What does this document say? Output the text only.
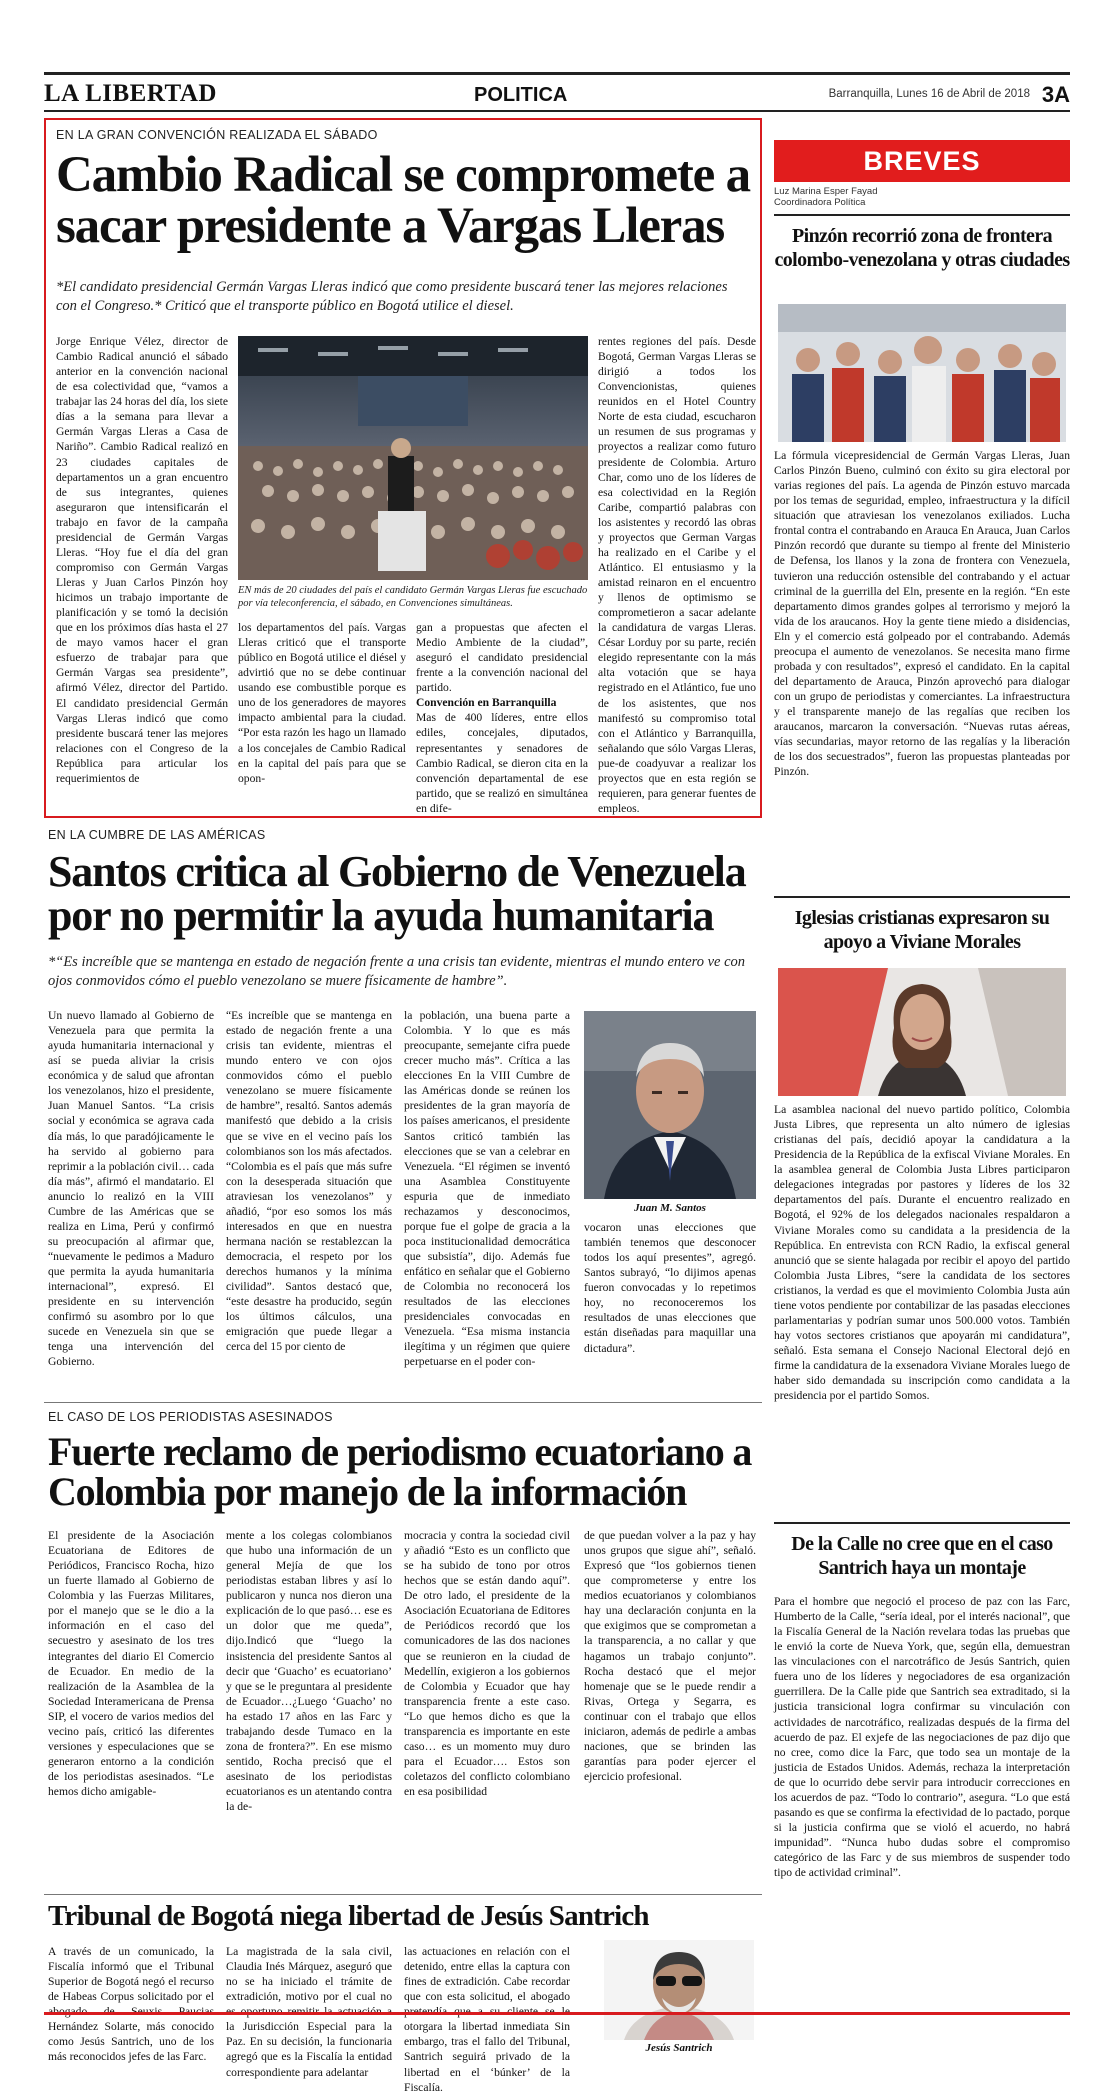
LA LIBERTAD	POLITICA	Barranquilla, Lunes 16 de Abril de 2018 3A
EN LA GRAN CONVENCIÓN REALIZADA EL SÁBADO
Cambio Radical se compromete a sacar presidente a Vargas Lleras
*El candidato presidencial Germán Vargas Lleras indicó que como presidente buscará tener las mejores relaciones con el Congreso.* Criticó que el transporte público en Bogotá utilice el diesel.
Jorge Enrique Vélez, director de Cambio Radical anunció el sábado anterior en la convención nacional de esa colectividad que, “vamos a trabajar las 24 horas del día, los siete días a la semana para llevar a Germán Vargas Lleras a Casa de Nariño”. Cambio Radical realizó en 23 ciudades capitales de departamentos un a gran encuentro de sus integrantes, quienes aseguraron que intensificarán el trabajo en favor de la campaña presidencial de Germán Vargas Lleras. “Hoy fue el día del gran compromiso con Germán Vargas Lleras y Juan Carlos Pinzón hoy hicimos un trabajo importante de planificación y se tomó la decisión que en los próximos días hasta el 27 de mayo vamos hacer el gran esfuerzo de trabajar para que Germán Vargas sea presidente”, afirmó Vélez, director del Partido. El candidato presidencial Germán Vargas Lleras indicó que como presidente buscará tener las mejores relaciones con el Congreso de la República para articular los requerimientos de
EN más de 20 ciudades del país el candidato Germán Vargas Lleras fue escuchado por vía teleconferencia, el sábado, en Convenciones simultáneas.
los departamentos del país. Vargas Lleras criticó que el transporte público en Bogotá utilice el diésel y advirtió que no se debe continuar usando ese combustible porque es uno de los generadores de mayores impacto ambiental para la ciudad. “Por esta razón les hago un llamado a los concejales de Cambio Radical en la capital del país para que se opon-

gan a propuestas que afecten el Medio Ambiente de la ciudad”, aseguró el candidato presidencial frente a la convención nacional del partido.

Convención en Barranquilla

Mas de 400 líderes, entre ellos ediles, concejales, diputados, representantes y senadores de Cambio Radical, se dieron cita en la convención departamental de ese partido, que se realizó en simultánea en dife-

rentes regiones del país. Desde Bogotá, German Vargas Lleras se dirigió a todos los Convencionistas, quienes reunidos en el Hotel Country Norte de esta ciudad, escucharon un resumen de sus programas y proyectos a realizar como futuro presidente de Colombia. Arturo Char, como uno de los líderes de esa colectividad en la Región Caribe, compartió palabras con los asistentes y recordó las obras y proyectos que German Vargas ha realizado en el Caribe y el Atlántico. El entusiasmo y la amistad reinaron en el encuentro y llenos de optimismo se comprometieron a sacar adelante la candidatura de vargas Lleras. César Lorduy por su parte, recién elegido representante con la más alta votación que se haya registrado en el Atlántico, fue uno de los asistentes, que nos manifestó su compromiso total con el Atlántico y Barranquilla, señalando que sólo Vargas Lleras, pue-de coadyuvar a realizar los proyectos que en esta región se requieren, para generar fuentes de empleos.
EN LA CUMBRE DE LAS AMÉRICAS
Santos critica al Gobierno de Venezuela por no permitir la ayuda humanitaria
*“Es increíble que se mantenga en estado de negación frente a una crisis tan evidente, mientras el mundo entero ve con ojos conmovidos cómo el pueblo venezolano se muere físicamente de hambre”.
Un nuevo llamado al Gobierno de Venezuela para que permita la ayuda humanitaria internacional y así se pueda aliviar la crisis económica y de salud que afrontan los venezolanos, hizo el presidente, Juan Manuel Santos. “La crisis social y económica se agrava cada día más, lo que paradójicamente le ha servido al gobierno para reprimir a la población civil… cada día más”, afirmó el mandatario. El anuncio lo realizó en la VIII Cumbre de las Américas que se realiza en Lima, Perú y confirmó su preocupación al afirmar que, “nuevamente le pedimos a Maduro que permita la ayuda humanitaria internacional”, expresó. El presidente en su intervención confirmó su asombro por lo que sucede en Venezuela sin que se tenga una intervención del Gobierno.
“Es increíble que se mantenga en estado de negación frente a una crisis tan evidente, mientras el mundo entero ve con ojos conmovidos cómo el pueblo venezolano se muere físicamente de hambre”, resaltó. Santos además manifestó que debido a la crisis que se vive en el vecino país los colombianos son los más afectados. “Colombia es el país que más sufre con la desesperada situación que atraviesan los venezolanos” y añadió, “por eso somos los más interesados en que en nuestra hermana nación se restablezcan la democracia, el respeto por los derechos humanos y la mínima civilidad”. Santos destacó que, “este desastre ha producido, según los últimos cálculos, una emigración que puede llegar a cerca del 15 por ciento de
la población, una buena parte a Colombia. Y lo que es más preocupante, semejante cifra puede crecer mucho más”. Crítica a las elecciones En la VIII Cumbre de las Américas donde se reúnen los presidentes de la gran mayoría de los países americanos, el presidente Santos criticó también las elecciones que se van a celebrar en Venezuela. “El régimen se inventó una Asamblea Constituyente espuria que de inmediato rechazamos y desconocimos, porque fue el golpe de gracia a la poca institucionalidad democrática que subsistía”, dijo. Además fue enfático en señalar que el Gobierno de Colombia no reconocerá los resultados de las elecciones presidenciales convocadas en Venezuela. “Esa misma instancia ilegítima y un régimen que quiere perpetuarse en el poder con-
Juan M. Santos
vocaron unas elecciones que también tenemos que desconocer todos los aquí presentes”, agregó. Santos subrayó, “lo dijimos apenas fueron convocadas y lo repetimos hoy, no reconoceremos los resultados de unas elecciones que están diseñadas para maquillar una dictadura”.
EL CASO DE LOS PERIODISTAS ASESINADOS
Fuerte reclamo de periodismo ecuatoriano a Colombia por manejo de la información
El presidente de la Asociación Ecuatoriana de Editores de Periódicos, Francisco Rocha, hizo un fuerte llamado al Gobierno de Colombia y las Fuerzas Militares, por el manejo que se le dio a la información en el caso del secuestro y asesinato de los tres integrantes del diario El Comercio de Ecuador. En medio de la realización de la Asamblea de la Sociedad Interamericana de Prensa SIP, el vocero de varios medios del vecino país, criticó las diferentes versiones y especulaciones que se generaron entorno a la condición de los periodistas asesinados. “Le hemos dicho amigable-
mente a los colegas colombianos que hubo una información de un general Mejía de que los periodistas estaban libres y así lo publicaron y nunca nos dieron una explicación de lo que pasó… ese es un dolor que me queda”, dijo.Indicó que “luego la insistencia del presidente Santos al decir que ‘Guacho’ es ecuatoriano’ y que se le preguntara al presidente de Ecuador…¿Luego ‘Guacho’ no ha estado 17 años en las Farc y trabajando desde Tumaco en la zona de frontera?”. En ese mismo sentido, Rocha precisó que el asesinato de los periodistas ecuatorianos es un atentando contra la de-
mocracia y contra la sociedad civil y añadió “Esto es un conflicto que se ha subido de tono por otros hechos que se están dando aquí”. De otro lado, el presidente de la Asociación Ecuatoriana de Editores de Periódicos recordó que los comunicadores de las dos naciones que se reunieron en la ciudad de Medellín, exigieron a los gobiernos de Colombia y Ecuador que hay transparencia frente a este caso. “Lo que hemos dicho es que la transparencia es importante en este caso… es un momento muy duro para el Ecuador…. Estos son coletazos del conflicto colombiano en esa posibilidad
de que puedan volver a la paz y hay unos grupos que sigue ahí”, señaló. Expresó que “los gobiernos tienen que comprometerse y entre los medios ecuatorianos y colombianos hay una declaración conjunta en la que exigimos que se comprometan a la transparencia, a no callar y que hagamos un trabajo conjunto”. Rocha destacó que el mejor homenaje que se le puede rendir a Rivas, Ortega y Segarra, es continuar con el trabajo que ellos iniciaron, además de pedirle a ambas naciones, que se brinden las garantías para poder ejercer el ejercicio profesional.
Tribunal de Bogotá niega libertad de Jesús Santrich
A través de un comunicado, la Fiscalía informó que el Tribunal Superior de Bogotá negó el recurso de Habeas Corpus solicitado por el Hernández Solarte, más conocido como Jesús Santrich, uno de los más reconocidos jefes de las Farc.
La magistrada de la sala civil, Claudia Inés Márquez, aseguró que no se ha iniciado el trámite de extradición, motivo por el cual no la Jurisdicción Especial para la Paz. En su decisión, la funcionaria agregó que es la Fiscalía la entidad correspondiente para adelantar
las actuaciones en relación con el detenido, entre ellas la captura con fines de extradición. Cabe recordar que con esta solicitud, el abogado otorgara la libertad inmediata Sin embargo, tras el fallo del Tribunal, Santrich seguirá privado de la libertad en el ‘búnker’ de la Fiscalía.
Jesús Santrich
BREVES
Luz Marina Esper Fayad
Coordinadora Política
Pinzón recorrió zona de frontera colombo-venezolana y otras ciudades
La fórmula vicepresidencial de Germán Vargas Lleras, Juan Carlos Pinzón Bueno, culminó con éxito su gira electoral por varias regiones del país. La agenda de Pinzón estuvo marcada por los temas de seguridad, empleo, infraestructura y la difícil situación que atraviesan los venezolanos exiliados. Lucha frontal contra el contrabando en Arauca En Arauca, Juan Carlos Pinzón recordó que durante su tiempo al frente del Ministerio de Defensa, los llanos y la zona de frontera con Venezuela, tuvieron una reducción ostensible del contrabando y el actuar criminal de la guerrilla del Eln, presente en la región. “En este departamento dimos grandes golpes al terrorismo y mejoró la vida de los araucanos. Hoy la gente tiene miedo a disidencias, Eln y el comercio está golpeado por el contrabando. Además preocupa el aumento de venezolanos. Se necesita mano firme probada y con resultados”, expresó el candidato. En la capital del departamento de Arauca, Pinzón aprovechó para dialogar con un grupo de periodistas y comerciantes. La infraestructura y el transparente manejo de las regalías que reciben los araucanos, marcaron la conversación. “Nuevas rutas aéreas, vías secundarias, mayor retorno de las regalías y la liberación de los dos secuestrados”, fueron las propuestas planteadas por Pinzón.
Iglesias cristianas expresaron su apoyo a Viviane Morales
La asamblea nacional del nuevo partido político, Colombia Justa Libres, que representa un alto número de iglesias cristianas del país, decidió apoyar la candidatura a la Presidencia de la República de la exfiscal Viviane Morales. En la asamblea general de Colombia Justa Libres participaron delegaciones integradas por pastores y líderes de los 32 departamentos del país. Durante el encuentro realizado en Bogotá, el 92% de los delegados nacionales respaldaron a Viviane Morales como su candidata a la presidencia de la República. En entrevista con RCN Radio, la exfiscal general anunció que se siente halagada por recibir el apoyo del partido Colombia Justa Libres, “sere la candidata de los sectores cristianos, la verdad es que el movimiento Colombia Justa aún tiene votos pendiente por contabilizar de las pasadas elecciones parlamentarias y podrían sumar unos 500.000 votos. También hay votos sectores cristianos que apoyarán mi candidatura”, señaló. Esta semana el Consejo Nacional Electoral dejó en firme la candidatura de la exsenadora Viviane Morales luego de haber sido demandada su inscripción como candidata a la presidencia por el partido Somos.
De la Calle no cree que en el caso Santrich haya un montaje
Para el hombre que negoció el proceso de paz con las Farc, Humberto de la Calle, “sería ideal, por el interés nacional”, que la Fiscalía General de la Nación revelara todas las pruebas que le envió la corte de Nueva York, que, según ella, demuestran las vinculaciones con el narcotráfico de Jesús Santrich, quien fuera uno de los líderes y negociadores de esa organización guerrillera. De la Calle pide que Santrich sea extraditado, si la justicia transicional logra confirmar su vinculación con actividades de narcotráfico, realizadas después de la firma del acuerdo de paz. El exjefe de las negociaciones de paz dijo que no cree, como dice la Farc, que todo sea un montaje de la justicia de Estados Unidos. Además, rechaza la interpretación de que lo ocurrido debe servir para introducir correcciones en los acuerdos de paz. “Todo lo contrario”, asegura. “Lo que está pasando es que se confirma la efectividad de lo pactado, porque si la justicia confirma que se violó el acuerdo, no habrá impunidad”. “Nunca hubo dudas sobre el compromiso categórico de las Farc y de sus miembros de suspender todo tipo de actividad criminal”.
